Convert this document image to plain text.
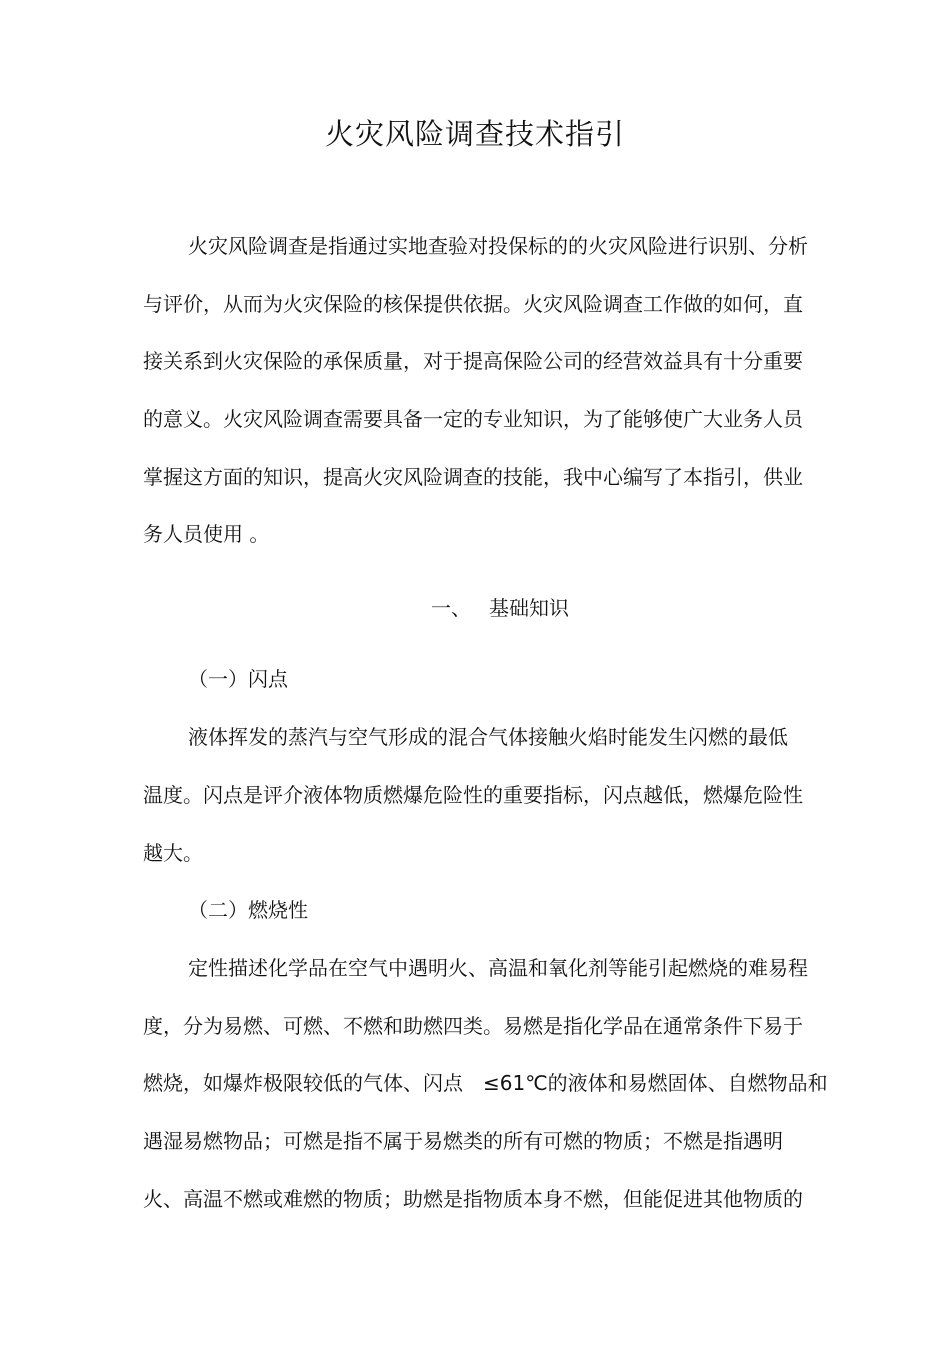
火灾风险调查技术指引
火灾风险调查是指通过实地查验对投保标的的火灾风险进行识别、分析
与评价，从而为火灾保险的核保提供依据。火灾风险调查工作做的如何，直
接关系到火灾保险的承保质量，对于提高保险公司的经营效益具有十分重要
的意义。火灾风险调查需要具备一定的专业知识，为了能够使广大业务人员
掌握这方面的知识，提高火灾风险调查的技能，我中心编写了本指引，供业
务人员使用 。
一、 基础知识
（一）闪点
液体挥发的蒸汽与空气形成的混合气体接触火焰时能发生闪燃的最低
温度。闪点是评介液体物质燃爆危险性的重要指标，闪点越低，燃爆危险性
越大。
（二）燃烧性
定性描述化学品在空气中遇明火、高温和氧化剂等能引起燃烧的难易程
度，分为易燃、可燃、不燃和助燃四类。易燃是指化学品在通常条件下易于
燃烧，如爆炸极限较低的气体、闪点　≤61℃的液体和易燃固体、自燃物品和
遇湿易燃物品；可燃是指不属于易燃类的所有可燃的物质；不燃是指遇明
火、高温不燃或难燃的物质；助燃是指物质本身不燃，但能促进其他物质的
